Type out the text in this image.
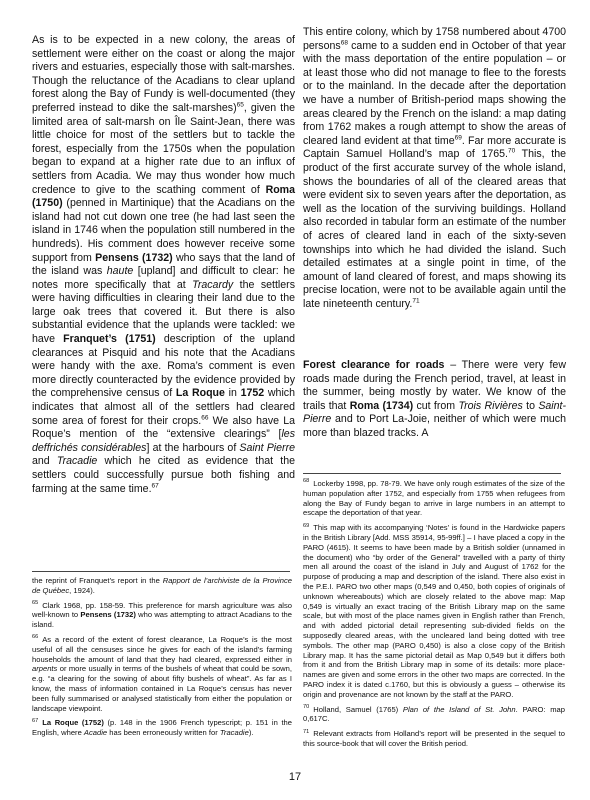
As is to be expected in a new colony, the areas of settlement were either on the coast or along the major rivers and estuaries, especially those with salt-marshes. Though the reluctance of the Acadians to clear upland forest along the Bay of Fundy is well-documented (they preferred instead to dike the salt-marshes)$^{65}$, given the limited area of salt-marsh on Île Saint-Jean, there was little choice for most of the settlers but to tackle the forest, especially from the 1750s when the population began to expand at a higher rate due to an influx of settlers from Acadia. We may thus wonder how much credence to give to the scathing comment of Roma (1750) (penned in Martinique) that the Acadians on the island had not cut down one tree (he had last seen the island in 1746 when the population still numbered in the hundreds). His comment does however receive some support from Pensens (1732) who says that the land of the island was haute [upland] and difficult to clear: he notes more specifically that at Tracardy the settlers were having difficulties in clearing their land due to the large oak trees that covered it. But there is also substantial evidence that the uplands were tackled: we have Franquet’s (1751) description of the upland clearances at Pisquid and his note that the Acadians were handy with the axe. Roma’s comment is even more directly counteracted by the evidence provided by the comprehensive census of La Roque in 1752 which indicates that almost all of the settlers had cleared some area of forest for their crops.$^{66}$ We also have La Roque’s mention of the “extensive clearings” [les deffrichés considérables] at the harbours of Saint Pierre and Tracadie which he cited as evidence that the settlers could successfully pursue both fishing and farming at the same time.$^{67}$

This entire colony, which by 1758 numbered about 4700 persons$^{68}$ came to a sudden end in October of that year with the mass deportation of the entire population – or at least those who did not manage to flee to the forests or to the mainland. In the decade after the deportation we have a number of British-period maps showing the areas cleared by the French on the island: a map dating from 1762 makes a rough attempt to show the areas of cleared land evident at that time$^{69}$. Far more accurate is Captain Samuel Holland’s map of 1765.70 This, the product of the first accurate survey of the whole island, shows the boundaries of all of the cleared areas that were evident six to seven years after the deportation, as well as the location of the surviving buildings. Holland also recorded in tabular form an estimate of the number of acres of cleared land in each of the sixty-seven townships into which he had divided the island. Such detailed estimates at a single point in time, of the amount of land cleared of forest, and maps showing its precise location, were not to be available again until the late nineteenth century.$^{71}$

Forest clearance for roads – There were very few roads made during the French period, travel, at least in the summer, being mostly by water. We know of the trails that Roma (1734) cut from Trois Rivières to Saint-Pierre and to Port La-Joie, neither of which were much more than blazed tracks. A

the reprint of Franquet’s report in the Rapport de l’archiviste de la Province de Québec, 1924).

$^{65}$ Clark 1968, pp. 158-59. This preference for marsh agriculture was also well-known to Pensens (1732) who was attempting to attract Acadians to the island.

$^{66}$ As a record of the extent of forest clearance, La Roque’s is the most useful of all the censuses since he gives for each of the island’s farming households the amount of land that they had cleared, expressed either in arpents or more usually in terms of the bushels of wheat that could be sown, e.g. “a clearing for the sowing of about fifty bushels of wheat”. As far as I know, the mass of information contained in La Roque’s census has never been fully summarised or analysed statistically from either the population or landscape viewpoint.

$^{67}$ La Roque (1752) (p. 148 in the 1906 French typescript; p. 151 in the English, where Acadie has been erroneously written for Tracadie).

$^{68}$ Lockerby 1998, pp. 78-79. We have only rough estimates of the size of the human population after 1752, and especially from 1755 when refugees from along the Bay of Fundy began to arrive in large numbers in an attempt to escape the deportation of that year.

$^{69}$ This map with its accompanying ‘Notes’ is found in the Hardwicke papers in the British Library [Add. MSS 35914, 95-99ff.] – I have placed a copy in the PARO (4615). It seems to have been made by a British soldier (unnamed in the document) who “by order of the General” travelled with a party of thirty men all around the coast of the island in July and August of 1762 for the purpose of producing a map and description of the island. There also exist in the P.E.I. PARO two other maps (0,549 and 0,450, both copies of originals of unknown whereabouts) which are closely related to the above map: Map 0,549 is virtually an exact tracing of the British Library map on the same scale, but with most of the place names given in English rather than French, and with added pictorial detail representing sub-divided fields on the supposedly cleared areas, with the uncleared land being dotted with tree symbols. The other map (PARO 0,450) is also a close copy of the British Library map. It has the same pictorial detail as Map 0,549 but it differs both from it and from the British Library map in some of its details: more place-names are given and some errors in the other two maps are corrected. In the PARO index it is dated c.1760, but this is obviously a guess – otherwise its origin and provenance are not known by the staff at the PARO.

$^{70}$ Holland, Samuel (1765) Plan of the Island of St. John. PARO: map 0,617C.

$^{71}$ Relevant extracts from Holland’s report will be presented in the sequel to this source-book that will cover the British period.

17
